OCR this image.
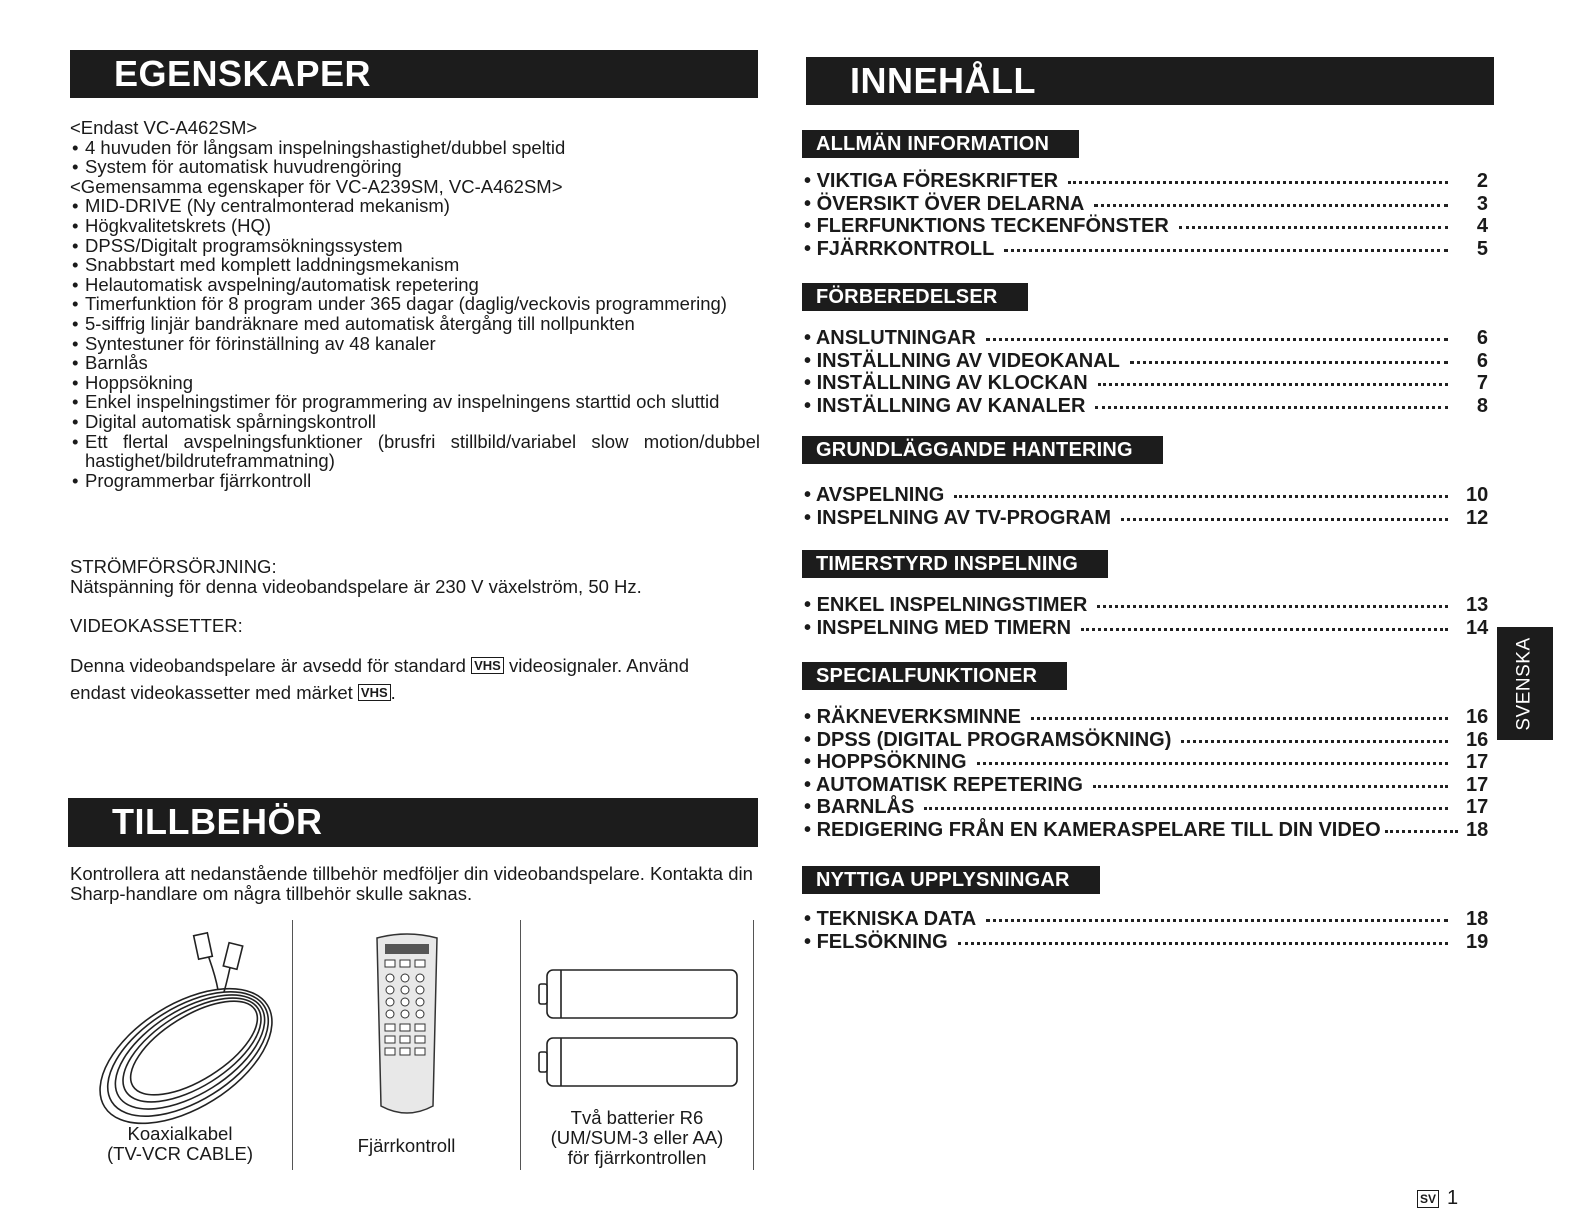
EGENSKAPER
<Endast VC-A462SM>
• 4 huvuden för långsam inspelningshastighet/dubbel speltid
• System för automatisk huvudrengöring
<Gemensamma egenskaper för VC-A239SM, VC-A462SM>
• MID-DRIVE (Ny centralmonterad mekanism)
• Högkvalitetskrets (HQ)
• DPSS/Digitalt programsökningssystem
• Snabbstart med komplett laddningsmekanism
• Helautomatisk avspelning/automatisk repetering
• Timerfunktion för 8 program under 365 dagar (daglig/veckovis programmering)
• 5-siffrig linjär bandräknare med automatisk återgång till nollpunkten
• Syntestuner för förinställning av 48 kanaler
• Barnlås
• Hoppsökning
• Enkel inspelningstimer för programmering av inspelningens starttid och sluttid
• Digital automatisk spårningskontroll
• Ett flertal avspelningsfunktioner (brusfri stillbild/variabel slow motion/dubbel hastighet/bildruteframmatning)
• Programmerbar fjärrkontroll
STRÖMFÖRSÖRJNING:
Nätspänning för denna videobandspelare är 230 V växelström, 50 Hz.
VIDEOKASSETTER:
Denna videobandspelare är avsedd för standard VHS videosignaler. Använd
endast videokassetter med märket VHS .
TILLBEHÖR
Kontrollera att nedanstående tillbehör medföljer din videobandspelare. Kontakta din Sharp-handlare om några tillbehör skulle saknas.
Koaxialkabel
(TV-VCR CABLE)	Fjärrkontroll
Två batterier R6
(UM/SUM-3 eller AA)
för fjärrkontrollen
INNEHÅLL
ALLMÄN INFORMATION
• VIKTIGA FÖRESKRIFTER	2
• ÖVERSIKT ÖVER DELARNA	3
• FLERFUNKTIONS TECKENFÖNSTER	4
• FJÄRRKONTROLL	5
FÖRBEREDELSER
• ANSLUTNINGAR	6
• INSTÄLLNING AV VIDEOKANAL	6
• INSTÄLLNING AV KLOCKAN	7
• INSTÄLLNING AV KANALER	8
GRUNDLÄGGANDE HANTERING
• AVSPELNING	10
• INSPELNING AV TV-PROGRAM	12
TIMERSTYRD INSPELNING
• ENKEL INSPELNINGSTIMER	13
• INSPELNING MED TIMERN	14
SPECIALFUNKTIONER
• RÄKNEVERKSMINNE	16
• DPSS (DIGITAL PROGRAMSÖKNING)	16
• HOPPSÖKNING	17
• AUTOMATISK REPETERING	17
• BARNLÅS	17
• REDIGERING FRÅN EN KAMERASPELARE TILL DIN VIDEO	18
NYTTIGA UPPLYSNINGAR
• TEKNISKA DATA	18
• FELSÖKNING	19
SVENSKA
SV 1
